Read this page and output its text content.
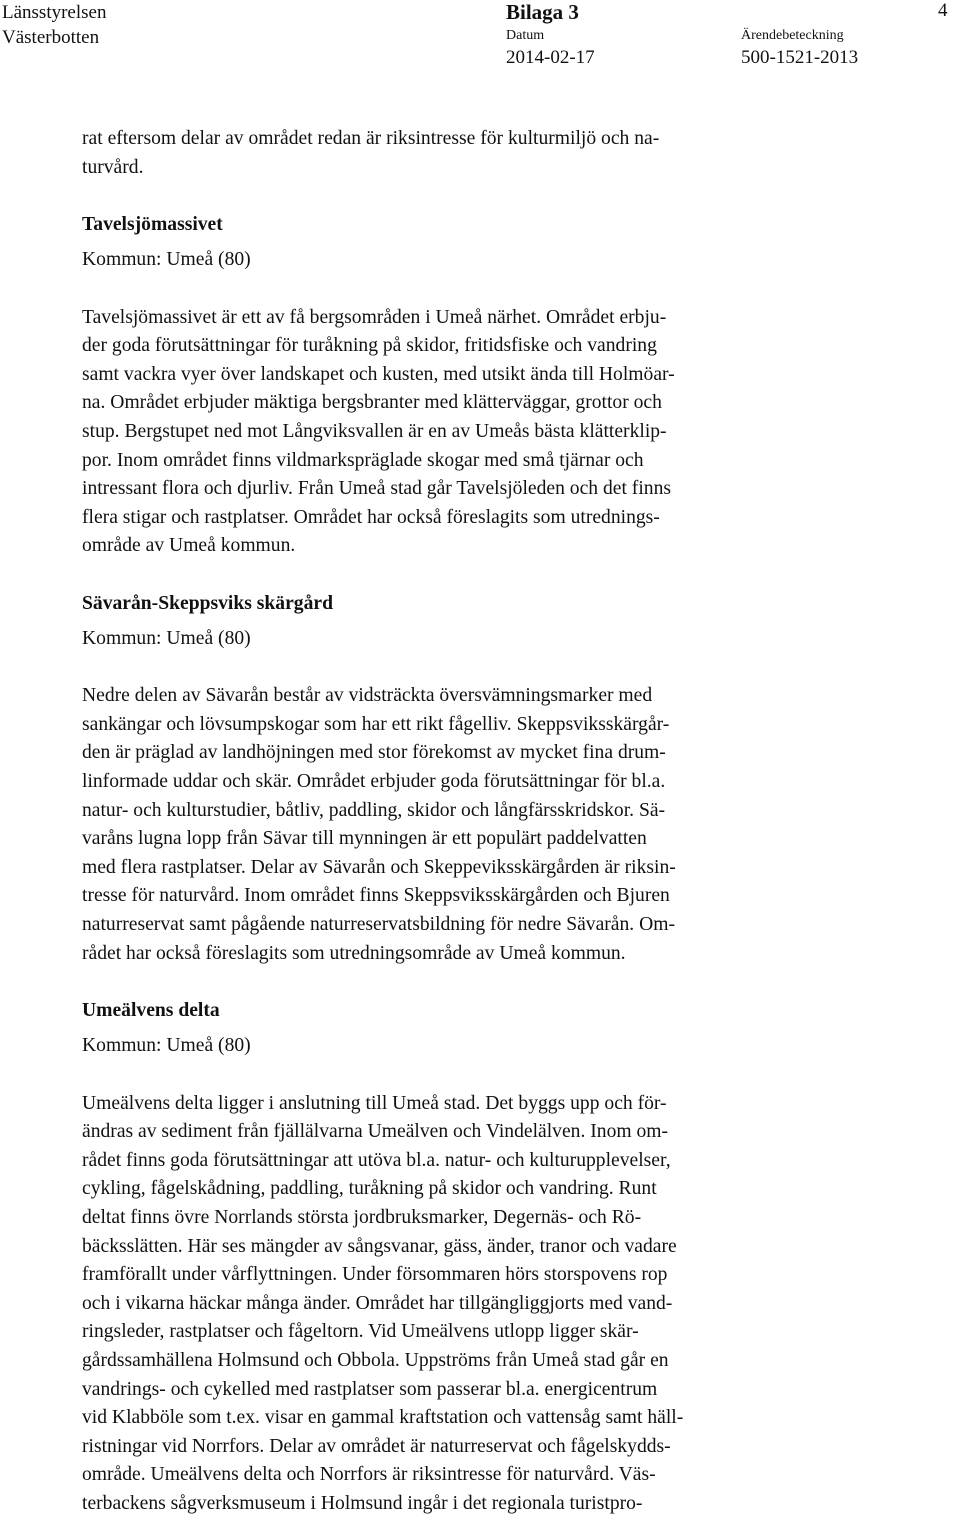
Länsstyrelsen
Västerbotten
Bilaga 3
Datum
2014-02-17
Ärendebeteckning
500-1521-2013
4

rat eftersom delar av området redan är riksintresse för kulturmiljö och na-

turvård.

Tavelsjömassivet

Kommun: Umeå (80)

Tavelsjömassivet är ett av få bergsområden i Umeå närhet. Området erbju-

der goda förutsättningar för turåkning på skidor, fritidsfiske och vandring

samt vackra vyer över landskapet och kusten, med utsikt ända till Holmöar-

na. Området erbjuder mäktiga bergsbranter med klätterväggar, grottor och

stup. Bergstupet ned mot Långviksvallen är en av Umeås bästa klätterklip-

por. Inom området finns vildmarkspräglade skogar med små tjärnar och

intressant flora och djurliv. Från Umeå stad går Tavelsjöleden och det finns

flera stigar och rastplatser. Området har också föreslagits som utrednings-

område av Umeå kommun.

Sävarån-Skeppsviks skärgård

Kommun: Umeå (80)

Nedre delen av Sävarån består av vidsträckta översvämningsmarker med

sankängar och lövsumpskogar som har ett rikt fågelliv. Skeppsviksskärgår-

den är präglad av landhöjningen med stor förekomst av mycket fina drum-

linformade uddar och skär. Området erbjuder goda förutsättningar för bl.a.

natur- och kulturstudier, båtliv, paddling, skidor och långfärsskridskor. Sä-

varåns lugna lopp från Sävar till mynningen är ett populärt paddelvatten

med flera rastplatser. Delar av Sävarån och Skeppeviksskärgården är riksin-

tresse för naturvård. Inom området finns Skeppsviksskärgården och Bjuren

naturreservat samt pågående naturreservatsbildning för nedre Sävarån. Om-

rådet har också föreslagits som utredningsområde av Umeå kommun.

Umeälvens delta

Kommun: Umeå (80)

Umeälvens delta ligger i anslutning till Umeå stad. Det byggs upp och för-

ändras av sediment från fjällälvarna Umeälven och Vindelälven. Inom om-

rådet finns goda förutsättningar att utöva bl.a. natur- och kulturupplevelser,

cykling, fågelskådning, paddling, turåkning på skidor och vandring. Runt

deltat finns övre Norrlands största jordbruksmarker, Degernäs- och Rö-

bäcksslätten. Här ses mängder av sångsvanar, gäss, änder, tranor och vadare

framförallt under vårflyttningen. Under försommaren hörs storspovens rop

och i vikarna häckar många änder. Området har tillgängliggjorts med vand-

ringsleder, rastplatser och fågeltorn. Vid Umeälvens utlopp ligger skär-

gårdssamhällena Holmsund och Obbola. Uppströms från Umeå stad går en

vandrings- och cykelled med rastplatser som passerar bl.a. energicentrum

vid Klabböle som t.ex. visar en gammal kraftstation och vattensåg samt häll-

ristningar vid Norrfors. Delar av området är naturreservat och fågelskydds-

område. Umeälvens delta och Norrfors är riksintresse för naturvård. Väs-

terbackens sågverksmuseum i Holmsund ingår i det regionala turistpro-
